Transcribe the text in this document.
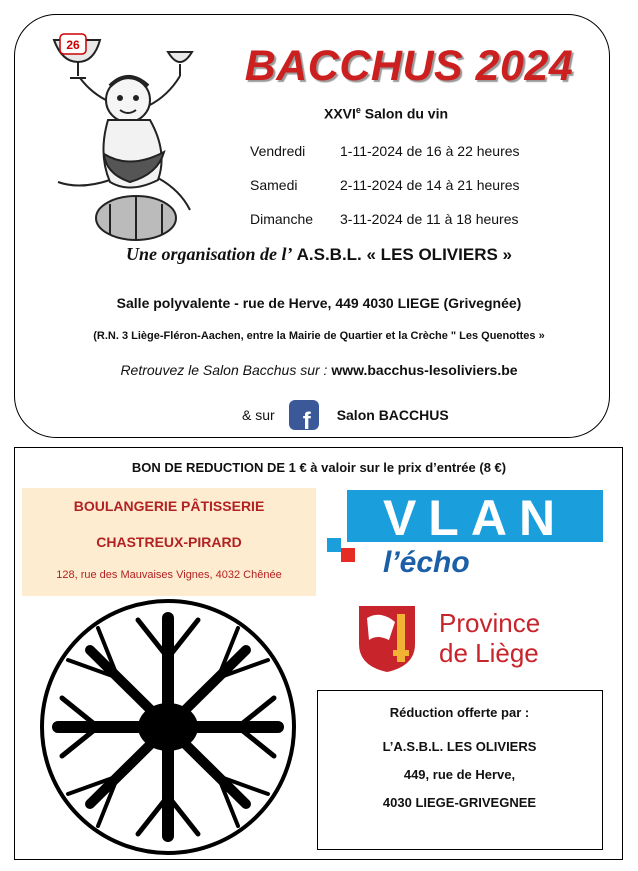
26	BACCHUS 2024
XXVIe Salon du vin
Vendredi 1-11-2024 de 16 à 22 heures
Samedi	2-11-2024 de 14 à 21 heures
Dimanche 3-11-2024 de 11 à 18 heures
Une organisation de l’ A.S.B.L. « LES OLIVIERS »
Salle polyvalente - rue de Herve, 449 4030 LIEGE (Grivegnée)
(R.N. 3 Liège-Fléron-Aachen, entre la Mairie de Quartier et la Crèche " Les Quenottes »
Retrouvez le Salon Bacchus sur : www.bacchus-lesoliviers.be
& sur f Salon BACCHUS
BON DE REDUCTION DE 1 € à valoir sur le prix d’entrée (8 €)
BOULANGERIE PÂTISSERIE
CHASTREUX-PIRARD
128, rue des Mauvaises Vignes, 4032 Chênée
VLAN
l’écho
Province
de Liège
Réduction offerte par :
L’A.S.B.L. LES OLIVIERS
449, rue de Herve,
4030 LIEGE-GRIVEGNEE
